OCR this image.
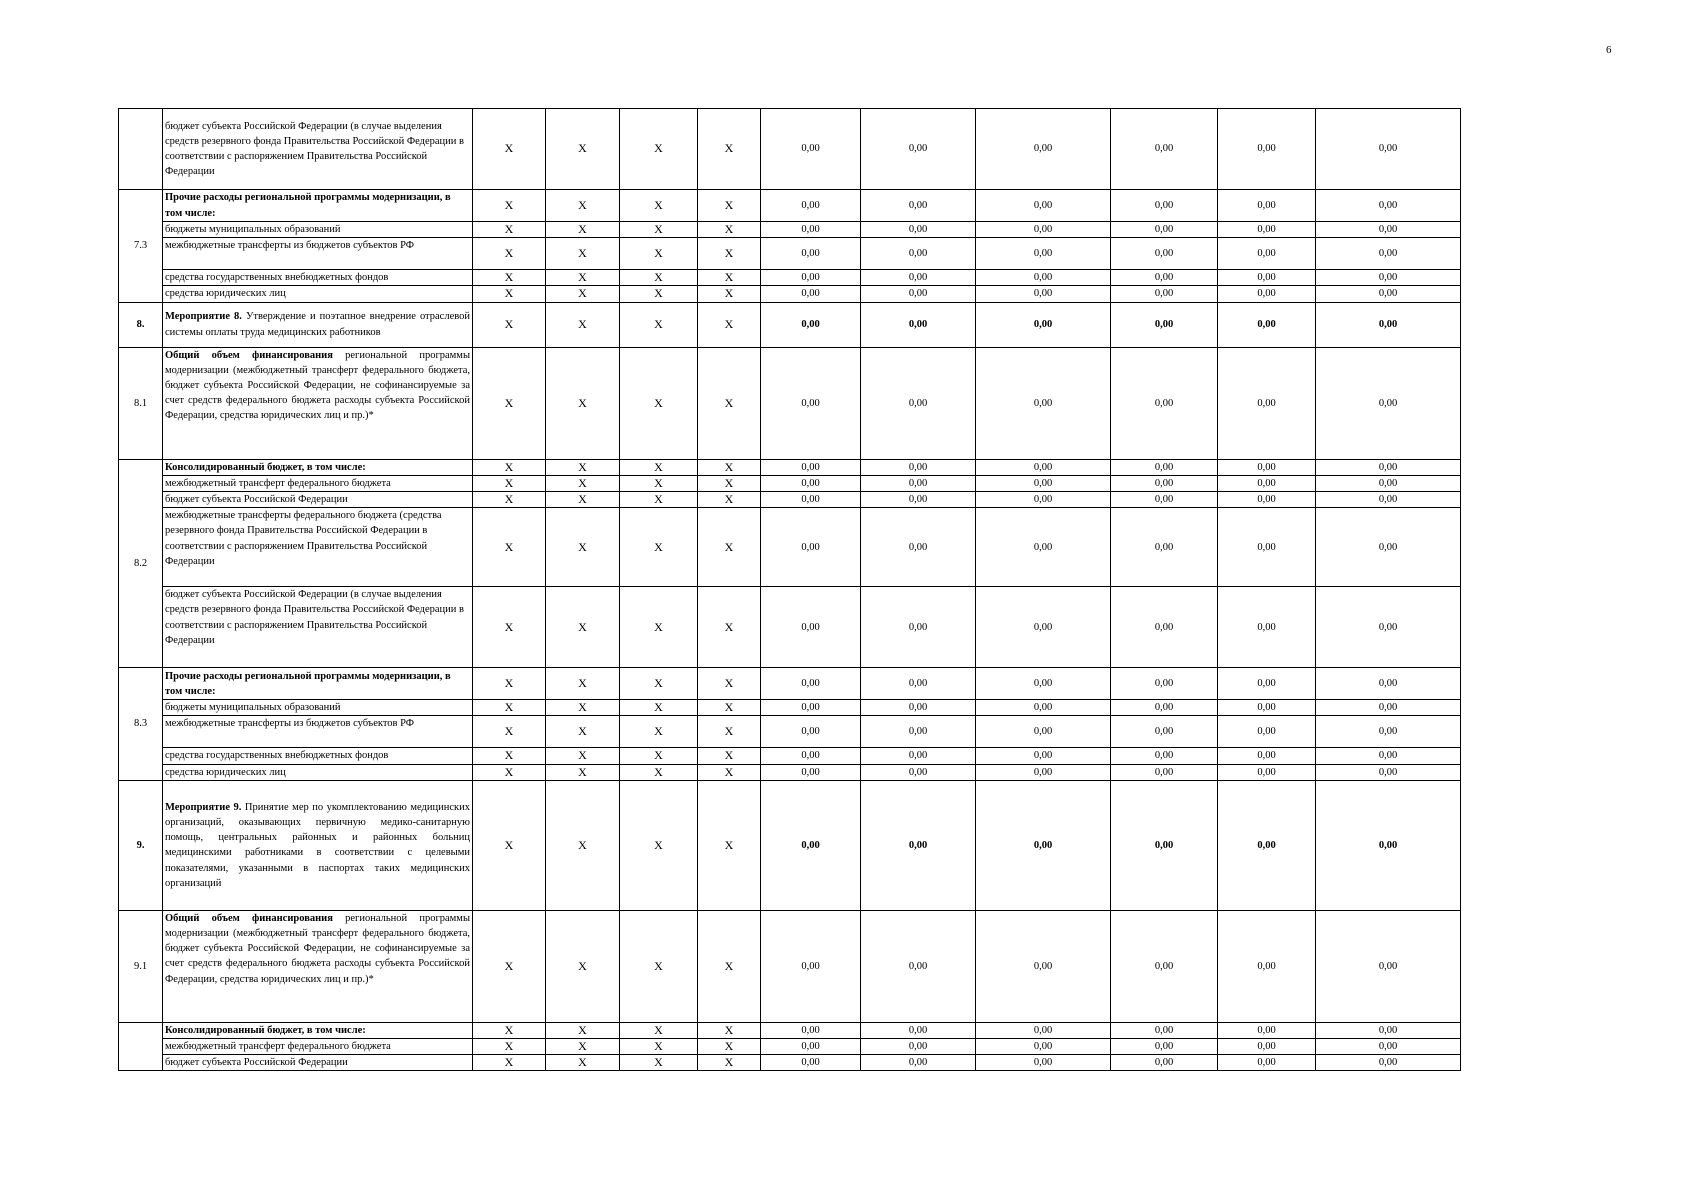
6
	бюджет субъекта Российской Федерации (в случае выделения средств резервного фонда Правительства Российской Федерации в соответствии с распоряжением Правительства Российской Федерации	X	X	X	X	0,00	0,00	0,00	0,00	0,00	0,00
7.3	Прочие расходы региональной программы модернизации, в том числе:	X	X	X	X	0,00	0,00	0,00	0,00	0,00	0,00
	бюджеты муниципальных образований	X	X	X	X	0,00	0,00	0,00	0,00	0,00	0,00
	межбюджетные трансферты из бюджетов субъектов РФ	X	X	X	X	0,00	0,00	0,00	0,00	0,00	0,00
	средства государственных внебюджетных фондов	X	X	X	X	0,00	0,00	0,00	0,00	0,00	0,00
	средства юридических лиц	X	X	X	X	0,00	0,00	0,00	0,00	0,00	0,00
8.	Мероприятие 8. Утверждение и поэтапное внедрение отраслевой системы оплаты труда медицинских работников	X	X	X	X	0,00	0,00	0,00	0,00	0,00	0,00
8.1	Общий объем финансирования региональной программы модернизации (межбюджетный трансферт федерального бюджета, бюджет субъекта Российской Федерации, не софинансируемые за счет средств федерального бюджета расходы субъекта Российской Федерации, средства юридических лиц и пр.)*	X	X	X	X	0,00	0,00	0,00	0,00	0,00	0,00
8.2	Консолидированный бюджет, в том числе:	X	X	X	X	0,00	0,00	0,00	0,00	0,00	0,00
	межбюджетный трансферт федерального бюджета	X	X	X	X	0,00	0,00	0,00	0,00	0,00	0,00
	бюджет субъекта Российской Федерации	X	X	X	X	0,00	0,00	0,00	0,00	0,00	0,00
	межбюджетные трансферты федерального бюджета (средства резервного фонда Правительства Российской Федерации в соответствии с распоряжением Правительства Российской Федерации	X	X	X	X	0,00	0,00	0,00	0,00	0,00	0,00
	бюджет субъекта Российской Федерации (в случае выделения средств резервного фонда Правительства Российской Федерации в соответствии с распоряжением Правительства Российской Федерации	X	X	X	X	0,00	0,00	0,00	0,00	0,00	0,00
8.3	Прочие расходы региональной программы модернизации, в том числе:	X	X	X	X	0,00	0,00	0,00	0,00	0,00	0,00
	бюджеты муниципальных образований	X	X	X	X	0,00	0,00	0,00	0,00	0,00	0,00
	межбюджетные трансферты из бюджетов субъектов РФ	X	X	X	X	0,00	0,00	0,00	0,00	0,00	0,00
	средства государственных внебюджетных фондов	X	X	X	X	0,00	0,00	0,00	0,00	0,00	0,00
	средства юридических лиц	X	X	X	X	0,00	0,00	0,00	0,00	0,00	0,00
9.	Мероприятие 9. Принятие мер по укомплектованию медицинских организаций, оказывающих первичную медико-санитарную помощь, центральных районных и районных больниц медицинскими работниками в соответствии с целевыми показателями, указанными в паспортах таких медицинских организаций	X	X	X	X	0,00	0,00	0,00	0,00	0,00	0,00
9.1	Общий объем финансирования региональной программы модернизации (межбюджетный трансферт федерального бюджета, бюджет субъекта Российской Федерации, не софинансируемые за счет средств федерального бюджета расходы субъекта Российской Федерации, средства юридических лиц и пр.)*	X	X	X	X	0,00	0,00	0,00	0,00	0,00	0,00
	Консолидированный бюджет, в том числе:	X	X	X	X	0,00	0,00	0,00	0,00	0,00	0,00
	межбюджетный трансферт федерального бюджета	X	X	X	X	0,00	0,00	0,00	0,00	0,00	0,00
	бюджет субъекта Российской Федерации	X	X	X	X	0,00	0,00	0,00	0,00	0,00	0,00
